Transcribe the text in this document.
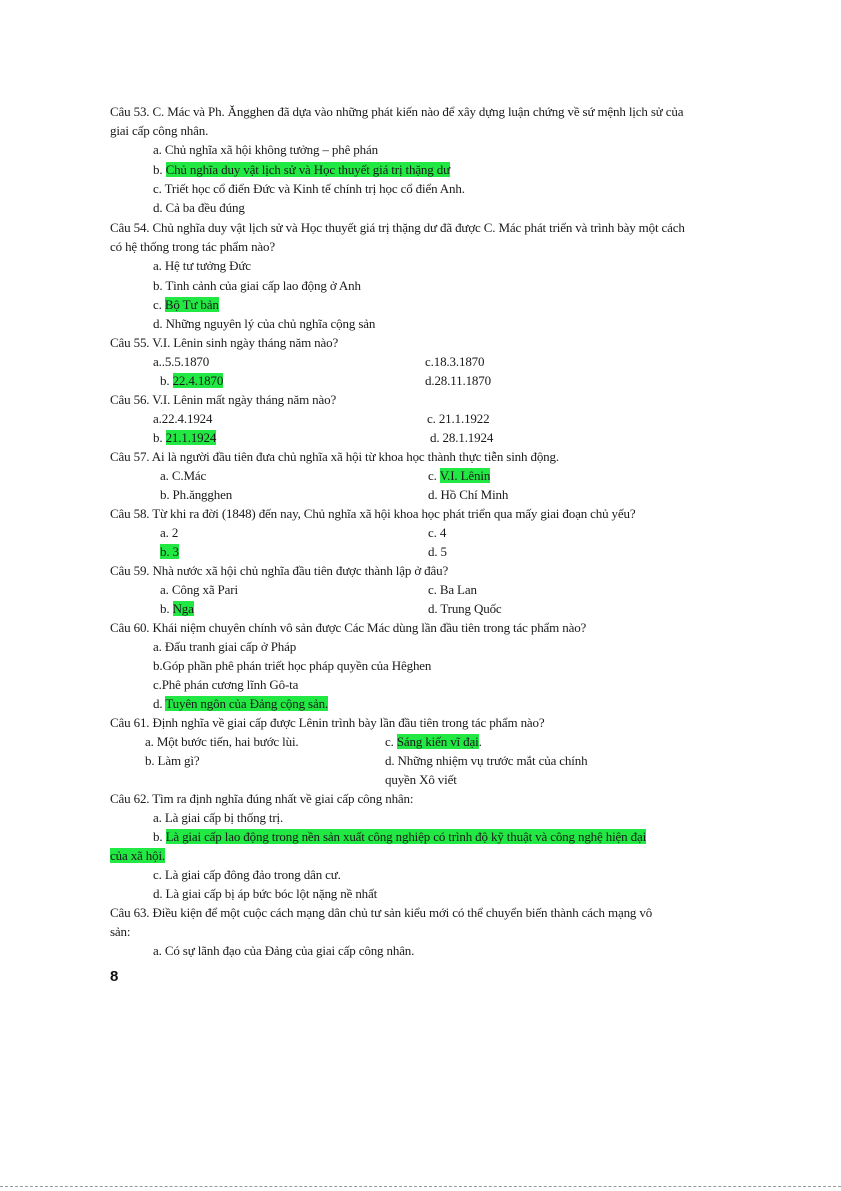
Câu 53. C. Mác và Ph. Ăngghen đã dựa vào những phát kiến nào để xây dựng luận chứng về sứ mệnh lịch sử của
giai cấp công nhân.
a. Chủ nghĩa xã hội không tưởng – phê phán
b. Chủ nghĩa duy vật lịch sử và Học thuyết giá trị thặng dư
c. Triết học cổ điển Đức và Kinh tế chính trị học cổ điển Anh.
d. Cả ba đều đúng
Câu 54. Chủ nghĩa duy vật lịch sử và Học thuyết giá trị thặng dư đã được C. Mác phát triển và trình bày một cách
có hệ thống trong tác phẩm nào?
a. Hệ tư tưởng Đức
b. Tình cảnh của giai cấp lao động ở Anh
c. Bộ Tư bản
d. Những nguyên lý của chủ nghĩa cộng sản
Câu 55. V.I. Lênin sinh ngày tháng năm nào?
a..5.5.1870	c.18.3.1870
b. 22.4.1870	d.28.11.1870
Câu 56. V.I. Lênin mất ngày tháng năm nào?
a.22.4.1924	c. 21.1.1922
b. 21.1.1924	d. 28.1.1924
Câu 57. Ai là người đầu tiên đưa chủ nghĩa xã hội từ khoa học thành thực tiễn sinh động.
a. C.Mác	c. V.I. Lênin
b. Ph.ăngghen	d. Hồ Chí Minh
Câu 58. Từ khi ra đời (1848) đến nay, Chủ nghĩa xã hội khoa học phát triển qua mấy giai đoạn chủ yếu?
a. 2	c. 4
b. 3	d. 5
Câu 59. Nhà nước xã hội chủ nghĩa đầu tiên được thành lập ở đâu?
a. Công xã Pari	c. Ba Lan
b. Nga	d. Trung Quốc
Câu 60. Khái niệm chuyên chính vô sản được Các Mác dùng lần đầu tiên trong tác phẩm nào?
a. Đấu tranh giai cấp ở Pháp
b.Góp phần phê phán triết học pháp quyền của Hêghen
c.Phê phán cương lĩnh Gô-ta
d. Tuyên ngôn của Đảng cộng sản.
Câu 61. Định nghĩa về giai cấp được Lênin trình bày lần đầu tiên trong tác phẩm nào?
a. Một bước tiến, hai bước lùi.	c. Sáng kiến vĩ đại.
b. Làm gì?	d. Những nhiệm vụ trước mắt của chính
quyền Xô viết
Câu 62. Tìm ra định nghĩa đúng nhất về giai cấp công nhân:
a. Là giai cấp bị thống trị.
b. Là giai cấp lao động trong nền sản xuất công nghiệp có trình độ kỹ thuật và công nghệ hiện đại
của xã hội.
c. Là giai cấp đông đảo trong dân cư.
d. Là giai cấp bị áp bức bóc lột nặng nề nhất
Câu 63. Điều kiện để một cuộc cách mạng dân chủ tư sản kiểu mới có thể chuyển biến thành cách mạng vô
sản:
a. Có sự lãnh đạo của Đảng của giai cấp công nhân.
8
